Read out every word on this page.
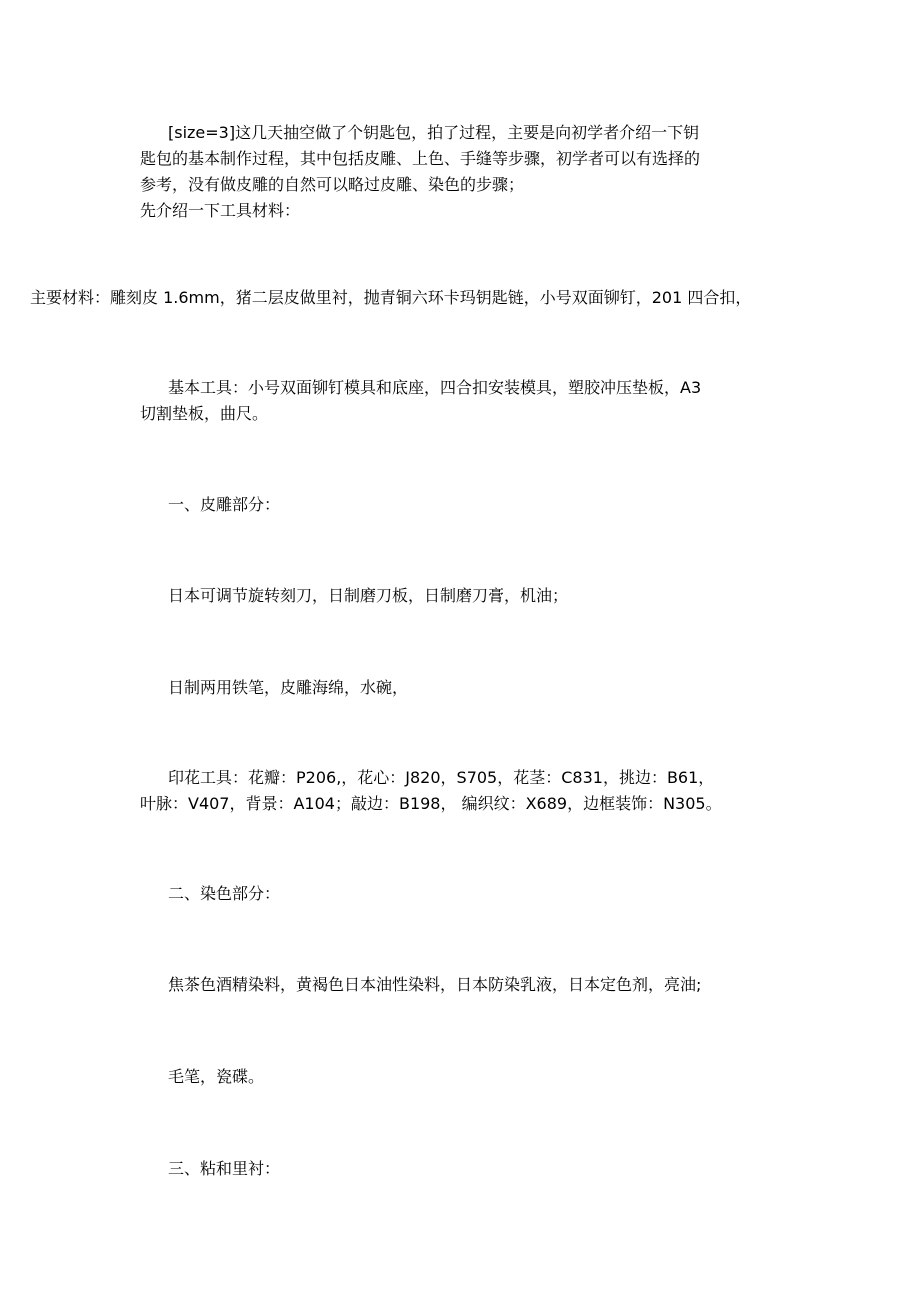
[size=3]这几天抽空做了个钥匙包，拍了过程，主要是向初学者介绍一下钥
匙包的基本制作过程，其中包括皮雕、上色、手缝等步骤，初学者可以有选择的
参考，没有做皮雕的自然可以略过皮雕、染色的步骤；
先介绍一下工具材料：
主要材料：雕刻皮 1.6mm，猪二层皮做里衬，抛青铜六环卡玛钥匙链，小号双面铆钉，201 四合扣，
基本工具：小号双面铆钉模具和底座，四合扣安装模具，塑胶冲压垫板，A3
切割垫板，曲尺。
一、皮雕部分：
日本可调节旋转刻刀，日制磨刀板，日制磨刀膏，机油；
日制两用铁笔，皮雕海绵，水碗，
印花工具：花瓣：P206,，花心：J820，S705，花茎：C831，挑边：B61，
叶脉：V407，背景：A104；敲边：B198， 编织纹：X689，边框装饰：N305。
二、染色部分：
焦茶色酒精染料，黄褐色日本油性染料，日本防染乳液，日本定色剂，亮油;
毛笔，瓷碟。
三、粘和里衬：
